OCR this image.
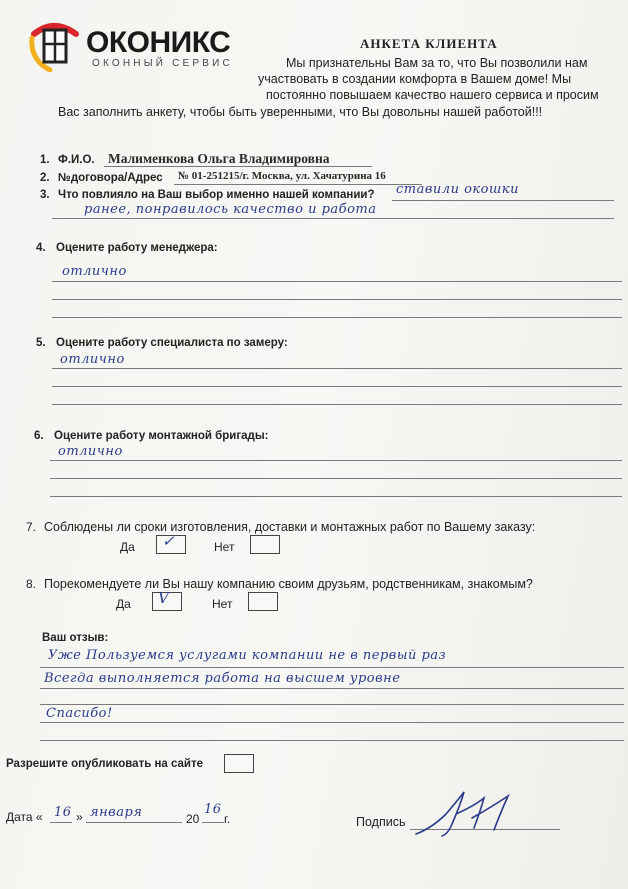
ОКОНИКС
ОКОННЫЙ СЕРВИС
АНКЕТА КЛИЕНТА
Мы признательны Вам за то, что Вы позволили нам
участвовать в создании комфорта в Вашем доме! Мы
постоянно повышаем качество нашего сервиса и просим
Вас заполнить анкету, чтобы быть уверенными, что Вы довольны нашей работой!!!
1. Ф.И.О. Малименкова Ольга Владимировна
2. №договора/Адрес № 01-251215/г. Москва, ул. Хачатурина 16
3. Что повлияло на Ваш выбор именно нашей компании? ставили окошки
ранее, понравилось качество и работа
4. Оцените работу менеджера:
отлично
5. Оцените работу специалиста по замеру:
отлично
6. Оцените работу монтажной бригады:
отлично
7. Соблюдены ли сроки изготовления, доставки и монтажных работ по Вашему заказу:
Да ✓	Нет
8. Порекомендуете ли Вы нашу компанию своим друзьям, родственникам, знакомым?
Да V	Нет
Ваш отзыв:
Уже Пользуемся услугами компании не в первый раз
Всегда выполняется работа на высшем уровне
Спасибо!
Разрешите опубликовать на сайте
Дата « 16 » января	20
16
г.	Подпись
